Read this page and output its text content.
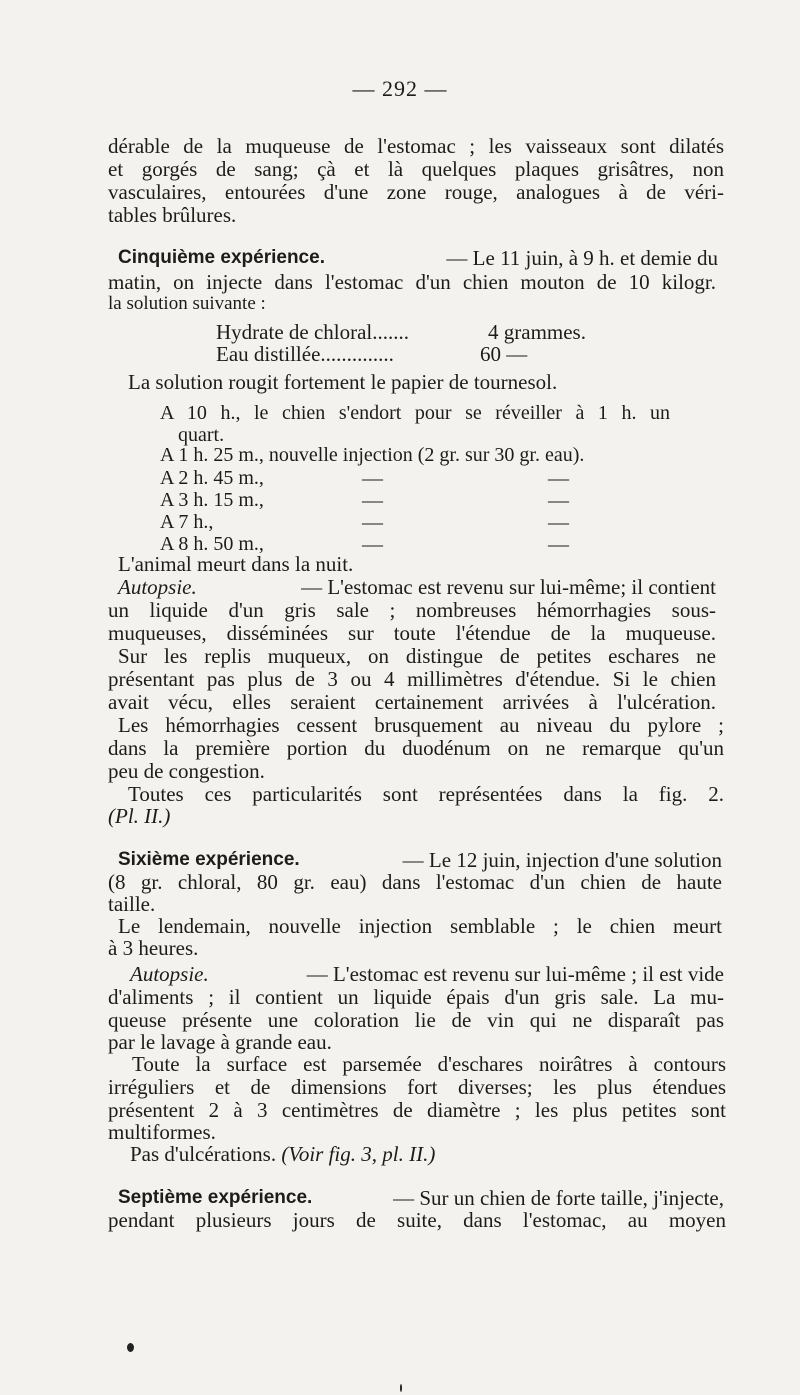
— 292 —
dérable de la muqueuse de l'estomac ; les vaisseaux sont dilatés
et gorgés de sang; çà et là quelques plaques grisâtres, non
vasculaires, entourées d'une zone rouge, analogues à de véri-
tables brûlures.
Cinquième expérience.	— Le 11 juin, à 9 h. et demie du
matin, on injecte dans l'estomac d'un chien mouton de 10 kilogr.
la solution suivante :
Hydrate de chloral.......	4 grammes.
Eau distillée..............	60 —
La solution rougit fortement le papier de tournesol.
A 10 h., le chien s'endort pour se réveiller à 1 h. un
quart.
A 1 h. 25 m., nouvelle injection (2 gr. sur 30 gr. eau).
A 2 h. 45 m.,	—	—
A 3 h. 15 m.,	—	—
A 7 h.,	—	—
A 8 h. 50 m.,	—	—
L'animal meurt dans la nuit.
Autopsie.	— L'estomac est revenu sur lui-même; il contient
un liquide d'un gris sale ; nombreuses hémorrhagies sous-
muqueuses, disséminées sur toute l'étendue de la muqueuse.
Sur les replis muqueux, on distingue de petites eschares ne
présentant pas plus de 3 ou 4 millimètres d'étendue. Si le chien
avait vécu, elles seraient certainement arrivées à l'ulcération.
Les hémorrhagies cessent brusquement au niveau du pylore ;
dans la première portion du duodénum on ne remarque qu'un
peu de congestion.
Toutes ces particularités sont représentées dans la fig. 2.
(Pl. II.)
Sixième expérience.	— Le 12 juin, injection d'une solution
(8 gr. chloral, 80 gr. eau) dans l'estomac d'un chien de haute
taille.
Le lendemain, nouvelle injection semblable ; le chien meurt
à 3 heures.
Autopsie.	— L'estomac est revenu sur lui-même ; il est vide
d'aliments ; il contient un liquide épais d'un gris sale. La mu-
queuse présente une coloration lie de vin qui ne disparaît pas
par le lavage à grande eau.
Toute la surface est parsemée d'eschares noirâtres à contours
irréguliers et de dimensions fort diverses; les plus étendues
présentent 2 à 3 centimètres de diamètre ; les plus petites sont
multiformes.
Pas d'ulcérations. (Voir fig. 3, pl. II.)
Septième expérience.	— Sur un chien de forte taille, j'injecte,
pendant plusieurs jours de suite, dans l'estomac, au moyen
